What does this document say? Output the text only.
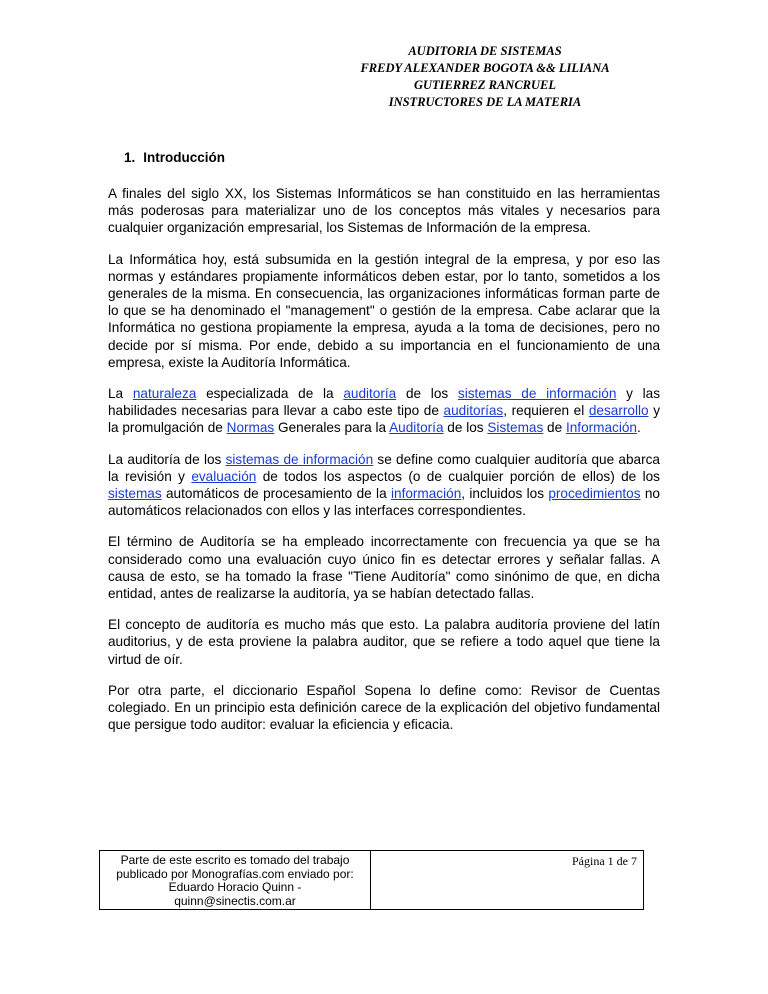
AUDITORIA DE SISTEMAS
FREDY ALEXANDER BOGOTA && LILIANA
GUTIERREZ RANCRUEL
INSTRUCTORES DE LA MATERIA
1. Introducción

A finales del siglo XX, los Sistemas Informáticos se han constituido en las herramientas más poderosas para materializar uno de los conceptos más vitales y necesarios para cualquier organización empresarial, los Sistemas de Información de la empresa.

La Informática hoy, está subsumida en la gestión integral de la empresa, y por eso las normas y estándares propiamente informáticos deben estar, por lo tanto, sometidos a los generales de la misma. En consecuencia, las organizaciones informáticas forman parte de lo que se ha denominado el "management" o gestión de la empresa. Cabe aclarar que la Informática no gestiona propiamente la empresa, ayuda a la toma de decisiones, pero no decide por sí misma. Por ende, debido a su importancia en el funcionamiento de una empresa, existe la Auditoría Informática.

La naturaleza especializada de la auditoría de los sistemas de información y las habilidades necesarias para llevar a cabo este tipo de auditorías, requieren el desarrollo y la promulgación de Normas Generales para la Auditoría de los Sistemas de Información.

La auditoría de los sistemas de información se define como cualquier auditoría que abarca la revisión y evaluación de todos los aspectos (o de cualquier porción de ellos) de los sistemas automáticos de procesamiento de la información, incluidos los procedimientos no automáticos relacionados con ellos y las interfaces correspondientes.

El término de Auditoría se ha empleado incorrectamente con frecuencia ya que se ha considerado como una evaluación cuyo único fin es detectar errores y señalar fallas. A causa de esto, se ha tomado la frase "Tiene Auditoría" como sinónimo de que, en dicha entidad, antes de realizarse la auditoría, ya se habían detectado fallas.

El concepto de auditoría es mucho más que esto. La palabra auditoría proviene del latín auditorius, y de esta proviene la palabra auditor, que se refiere a todo aquel que tiene la virtud de oír.

Por otra parte, el diccionario Español Sopena lo define como: Revisor de Cuentas colegiado. En un principio esta definición carece de la explicación del objetivo fundamental que persigue todo auditor: evaluar la eficiencia y eficacia.

Parte de este escrito es tomado del trabajo
publicado por Monografías.com enviado por:
Eduardo Horacio Quinn -
quinn@sinectis.com.ar
Página 1 de 7
